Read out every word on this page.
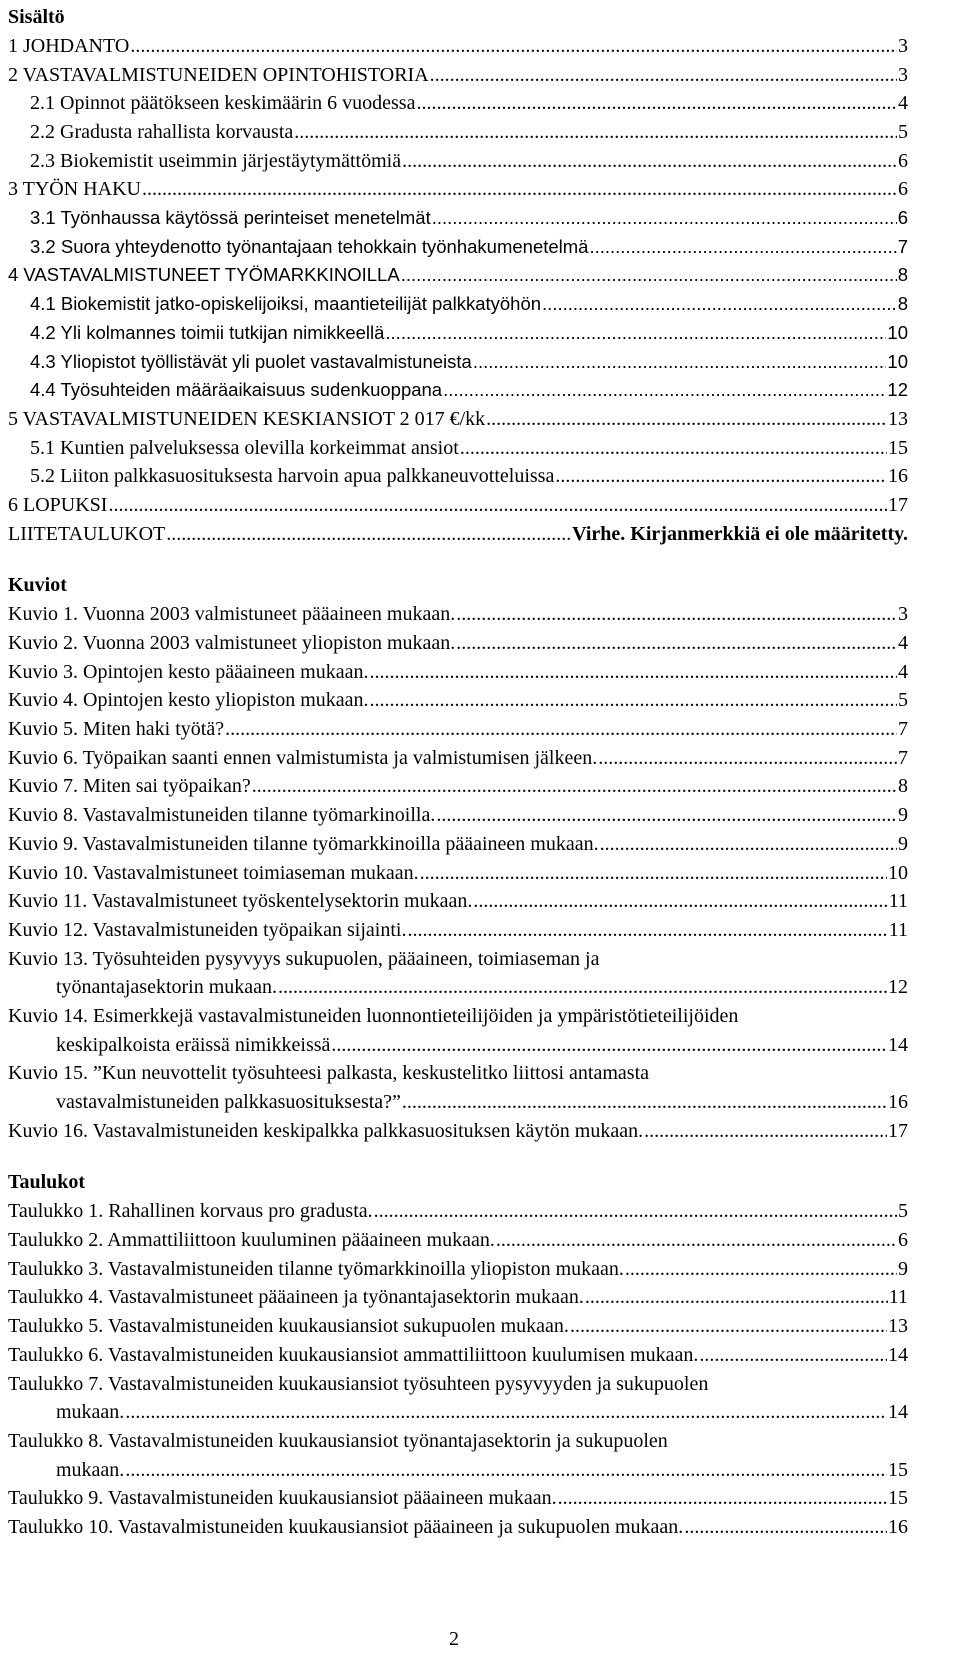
Sisältö
1 JOHDANTO .....	3
2 VASTAVALMISTUNEIDEN OPINTOHISTORIA .....	3
2.1 Opinnot päätökseen keskimäärin 6 vuodessa .....	4
2.2 Gradusta rahallista korvausta .....	5
2.3 Biokemistit useimmin järjestäytymättömiä .....	6
3 TYÖN HAKU .....	6
3.1 Työnhaussa käytössä perinteiset menetelmät .....	6
3.2 Suora yhteydenotto työnantajaan tehokkain työnhakumenetelmä .....	7
4 VASTAVALMISTUNEET TYÖMARKKINOILLA .....	8
4.1 Biokemistit jatko-opiskelijoiksi, maantieteilijät palkkatyöhön .....	8
4.2 Yli kolmannes toimii tutkijan nimikkeellä .....	10
4.3 Yliopistot työllistävät yli puolet vastavalmistuneista .....	10
4.4 Työsuhteiden määräaikaisuus sudenkuoppana .....	12
5 VASTAVALMISTUNEIDEN KESKIANSIOT 2 017 €/kk .....	13
5.1 Kuntien palveluksessa olevilla korkeimmat ansiot .....	15
5.2 Liiton palkkasuosituksesta harvoin apua palkkaneuvotteluissa .....	16
6 LOPUKSI .....	17
LIITETAULUKOT .....	Virhe. Kirjanmerkkiä ei ole määritetty.
Kuviot
Kuvio 1. Vuonna 2003 valmistuneet pääaineen mukaan. .....	3
Kuvio 2. Vuonna 2003 valmistuneet yliopiston mukaan. .....	4
Kuvio 3. Opintojen kesto pääaineen mukaan. .....	4
Kuvio 4. Opintojen kesto yliopiston mukaan. .....	5
Kuvio 5. Miten haki työtä? .....	7
Kuvio 6. Työpaikan saanti ennen valmistumista ja valmistumisen jälkeen. .....	7
Kuvio 7. Miten sai työpaikan? .....	8
Kuvio 8. Vastavalmistuneiden tilanne työmarkinoilla. .....	9
Kuvio 9. Vastavalmistuneiden tilanne työmarkkinoilla pääaineen mukaan. .....	9
Kuvio 10. Vastavalmistuneet toimiaseman mukaan. .....	10
Kuvio 11. Vastavalmistuneet työskentelysektorin mukaan. .....	11
Kuvio 12. Vastavalmistuneiden työpaikan sijainti. .....	11
Kuvio 13. Työsuhteiden pysyvyys sukupuolen, pääaineen, toimiaseman ja
työnantajasektorin mukaan. .....	12
Kuvio 14. Esimerkkejä vastavalmistuneiden luonnontieteilijöiden ja ympäristötieteilijöiden
keskipalkoista eräissä nimikkeissä .....	14
Kuvio 15. ”Kun neuvottelit työsuhteesi palkasta, keskustelitko liittosi antamasta
vastavalmistuneiden palkkasuosituksesta?” .....	16
Kuvio 16. Vastavalmistuneiden keskipalkka palkkasuosituksen käytön mukaan. .....	17
Taulukot
Taulukko 1. Rahallinen korvaus pro gradusta. .....	5
Taulukko 2. Ammattiliittoon kuuluminen pääaineen mukaan. .....	6
Taulukko 3. Vastavalmistuneiden tilanne työmarkkinoilla yliopiston mukaan. .....	9
Taulukko 4. Vastavalmistuneet pääaineen ja työnantajasektorin mukaan. .....	11
Taulukko 5. Vastavalmistuneiden kuukausiansiot sukupuolen mukaan. .....	13
Taulukko 6. Vastavalmistuneiden kuukausiansiot ammattiliittoon kuulumisen mukaan. .....	14
Taulukko 7. Vastavalmistuneiden kuukausiansiot työsuhteen pysyvyyden ja sukupuolen
mukaan. .....	14
Taulukko 8. Vastavalmistuneiden kuukausiansiot työnantajasektorin ja sukupuolen
mukaan. .....	15
Taulukko 9. Vastavalmistuneiden kuukausiansiot pääaineen mukaan. .....	15
Taulukko 10. Vastavalmistuneiden kuukausiansiot pääaineen ja sukupuolen mukaan. .....	16
2
